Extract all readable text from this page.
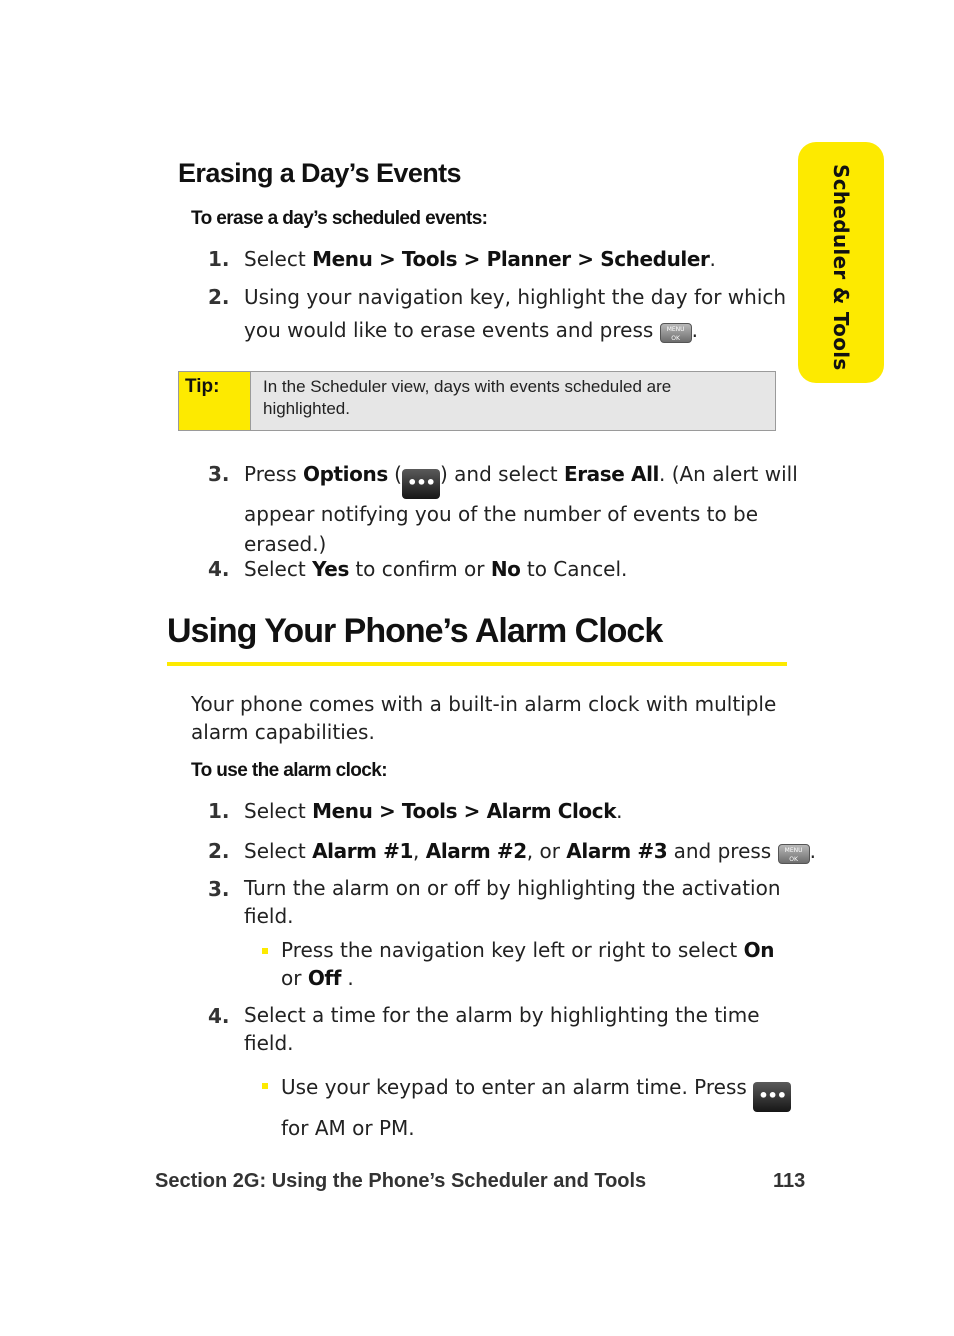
Scheduler & Tools
Erasing a Day’s Events
To erase a day’s scheduled events:
1. Select Menu > Tools > Planner > Scheduler.
2. Using your navigation key, highlight the day for which
you would like to erase events and press MENU
OK .
Tip:	In the Scheduler view, days with events scheduled are
highlighted.
3. Press Options ( ••• ) and select Erase All. (An alert will
appear notifying you of the number of events to be
erased.)
4. Select Yes to confirm or No to Cancel.
Using Your Phone’s Alarm Clock
Your phone comes with a built-in alarm clock with multiple
alarm capabilities.
To use the alarm clock:
1. Select Menu > Tools > Alarm Clock.
2. Select Alarm #1, Alarm #2, or Alarm #3 and press MENU
OK .
3. Turn the alarm on or off by highlighting the activation
field.
Press the navigation key left or right to select On
or Off .
4. Select a time for the alarm by highlighting the time
field.
Use your keypad to enter an alarm time. Press •••
for AM or PM.
Section 2G: Using the Phone’s Scheduler and Tools	113
